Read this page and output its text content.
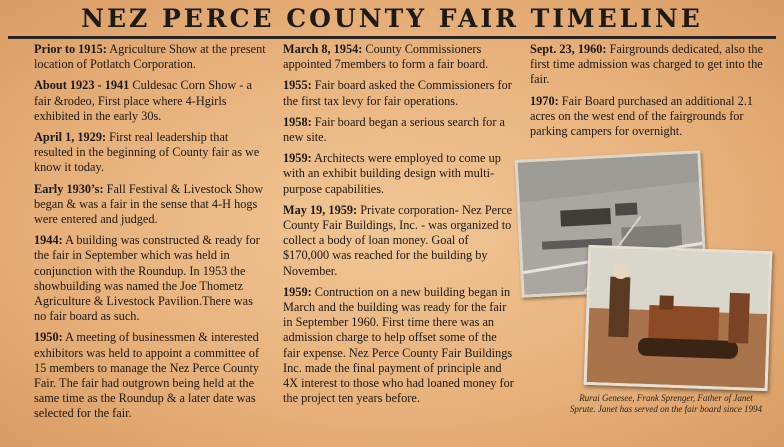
NEZ PERCE COUNTY FAIR TIMELINE

Prior to 1915: Agriculture Show at the present location of Potlatch Corporation.

About 1923 - 1941 Culdesac Corn Show - a fair &rodeo, First place where 4-Hgirls exhibited in the early 30s.

April 1, 1929: First real leadership that resulted in the beginning of County fair as we know it today.

Early 1930’s: Fall Festival & Livestock Show began & was a fair in the sense that 4-H hogs were entered and judged.

1944: A building was constructed & ready for the fair in September which was held in conjunction with the Roundup. In 1953 the showbuilding was named the Joe Thometz Agriculture & Livestock Pavilion.There was no fair board as such.

1950: A meeting of businessmen & interested exhibitors was held to appoint a committee of 15 members to manage the Nez Perce County Fair. The fair had outgrown being held at the same time as the Roundup & a later date was selected for the fair.

March 8, 1954: County Commissioners appointed 7members to form a fair board.

1955: Fair board asked the Commissioners for the first tax levy for fair operations.

1958: Fair board began a serious search for a new site.

1959: Architects were employed to come up with an exhibit building design with multi-purpose capabilities.

May 19, 1959: Private corporation- Nez Perce County Fair Buildings, Inc. - was organized to collect a body of loan money. Goal of $170,000 was reached for the building by November.

1959: Contruction on a new building began in March and the building was ready for the fair in September 1960. First time there was an admission charge to help offset some of the fair expense. Nez Perce County Fair Buildings Inc. made the final payment of principle and 4X interest to those who had loaned money for the project ten years before.

Sept. 23, 1960: Fairgrounds dedicated, also the first time admission was charged to get into the fair.

1970: Fair Board purchased an additional 2.1 acres on the west end of the fairgrounds for parking campers for overnight.

Rurai Genesee, Frank Sprenger, Father of Janet Sprute. Janet has served on the fair board since 1994
